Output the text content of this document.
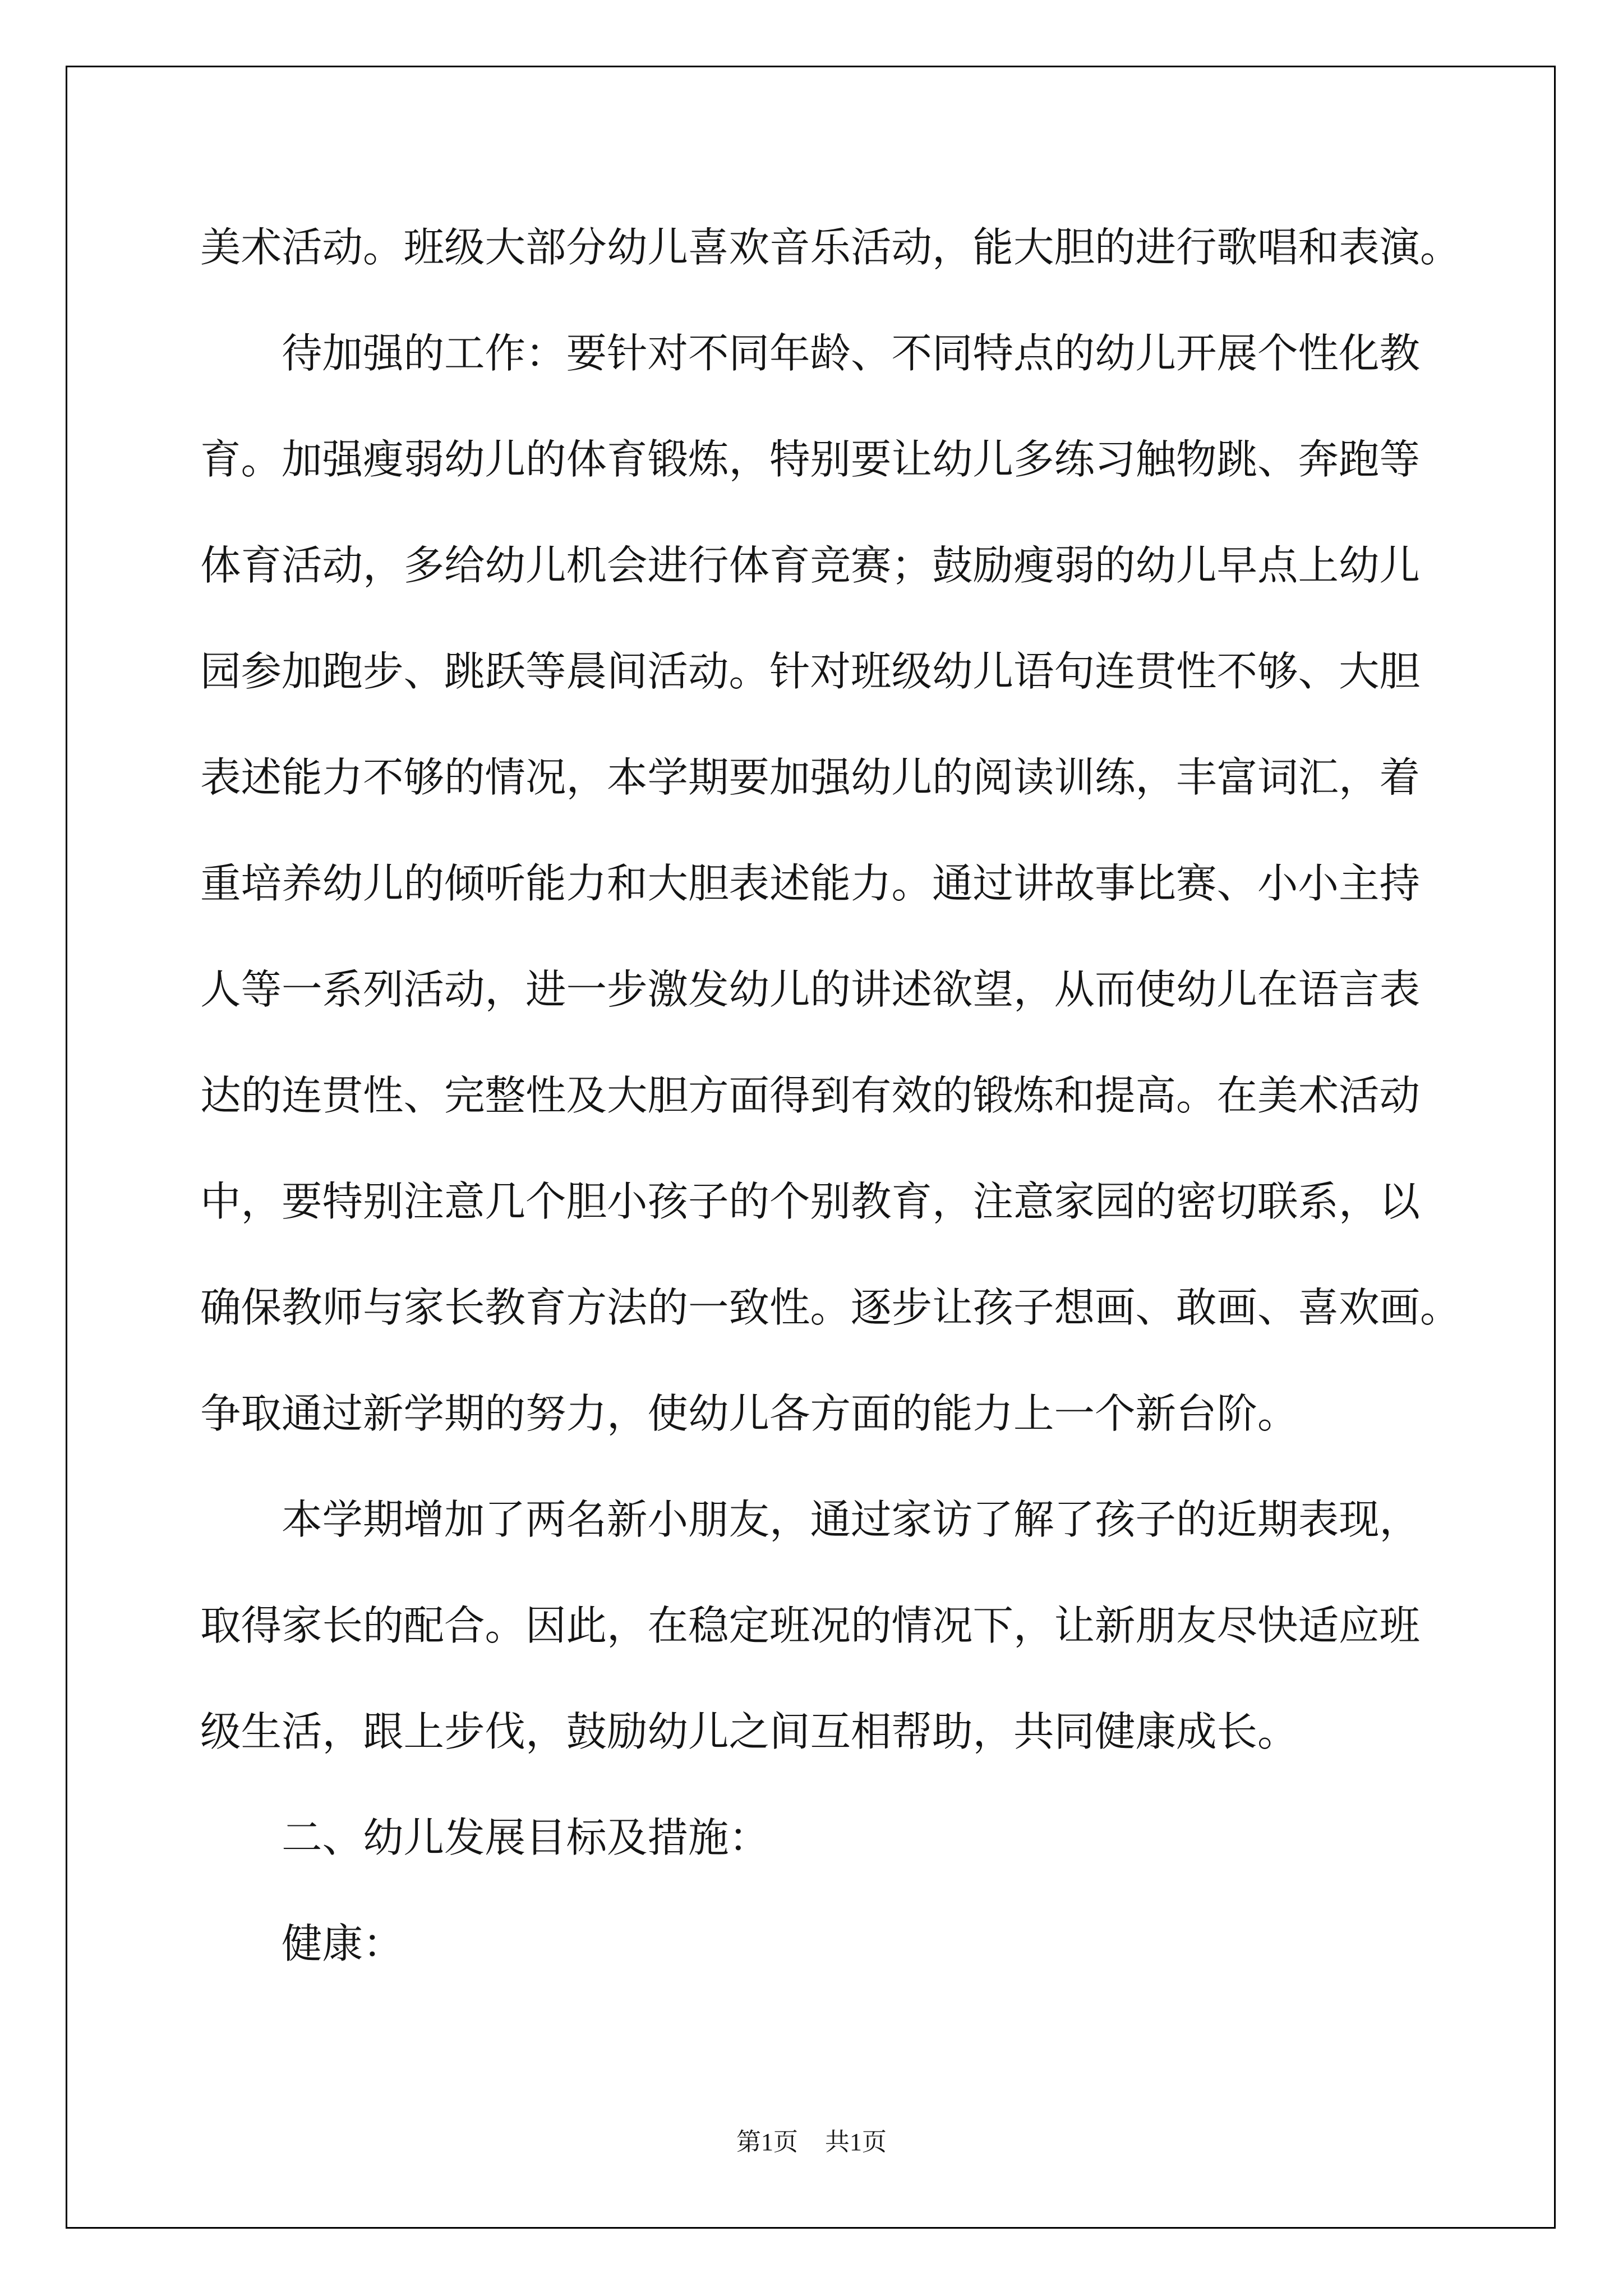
美术活动。班级大部分幼儿喜欢音乐活动，能大胆的进行歌唱和表演。
待加强的工作：要针对不同年龄、不同特点的幼儿开展个性化教
育。加强瘦弱幼儿的体育锻炼，特别要让幼儿多练习触物跳、奔跑等
体育活动，多给幼儿机会进行体育竞赛；鼓励瘦弱的幼儿早点上幼儿
园参加跑步、跳跃等晨间活动。针对班级幼儿语句连贯性不够、大胆
表述能力不够的情况，本学期要加强幼儿的阅读训练，丰富词汇，着
重培养幼儿的倾听能力和大胆表述能力。通过讲故事比赛、小小主持
人等一系列活动，进一步激发幼儿的讲述欲望，从而使幼儿在语言表
达的连贯性、完整性及大胆方面得到有效的锻炼和提高。在美术活动
中，要特别注意几个胆小孩子的个别教育，注意家园的密切联系，以
确保教师与家长教育方法的一致性。逐步让孩子想画、敢画、喜欢画。
争取通过新学期的努力，使幼儿各方面的能力上一个新台阶。
本学期增加了两名新小朋友，通过家访了解了孩子的近期表现，
取得家长的配合。因此，在稳定班况的情况下，让新朋友尽快适应班
级生活，跟上步伐，鼓励幼儿之间互相帮助，共同健康成长。
二、幼儿发展目标及措施：
健康：
第1页 共1页
